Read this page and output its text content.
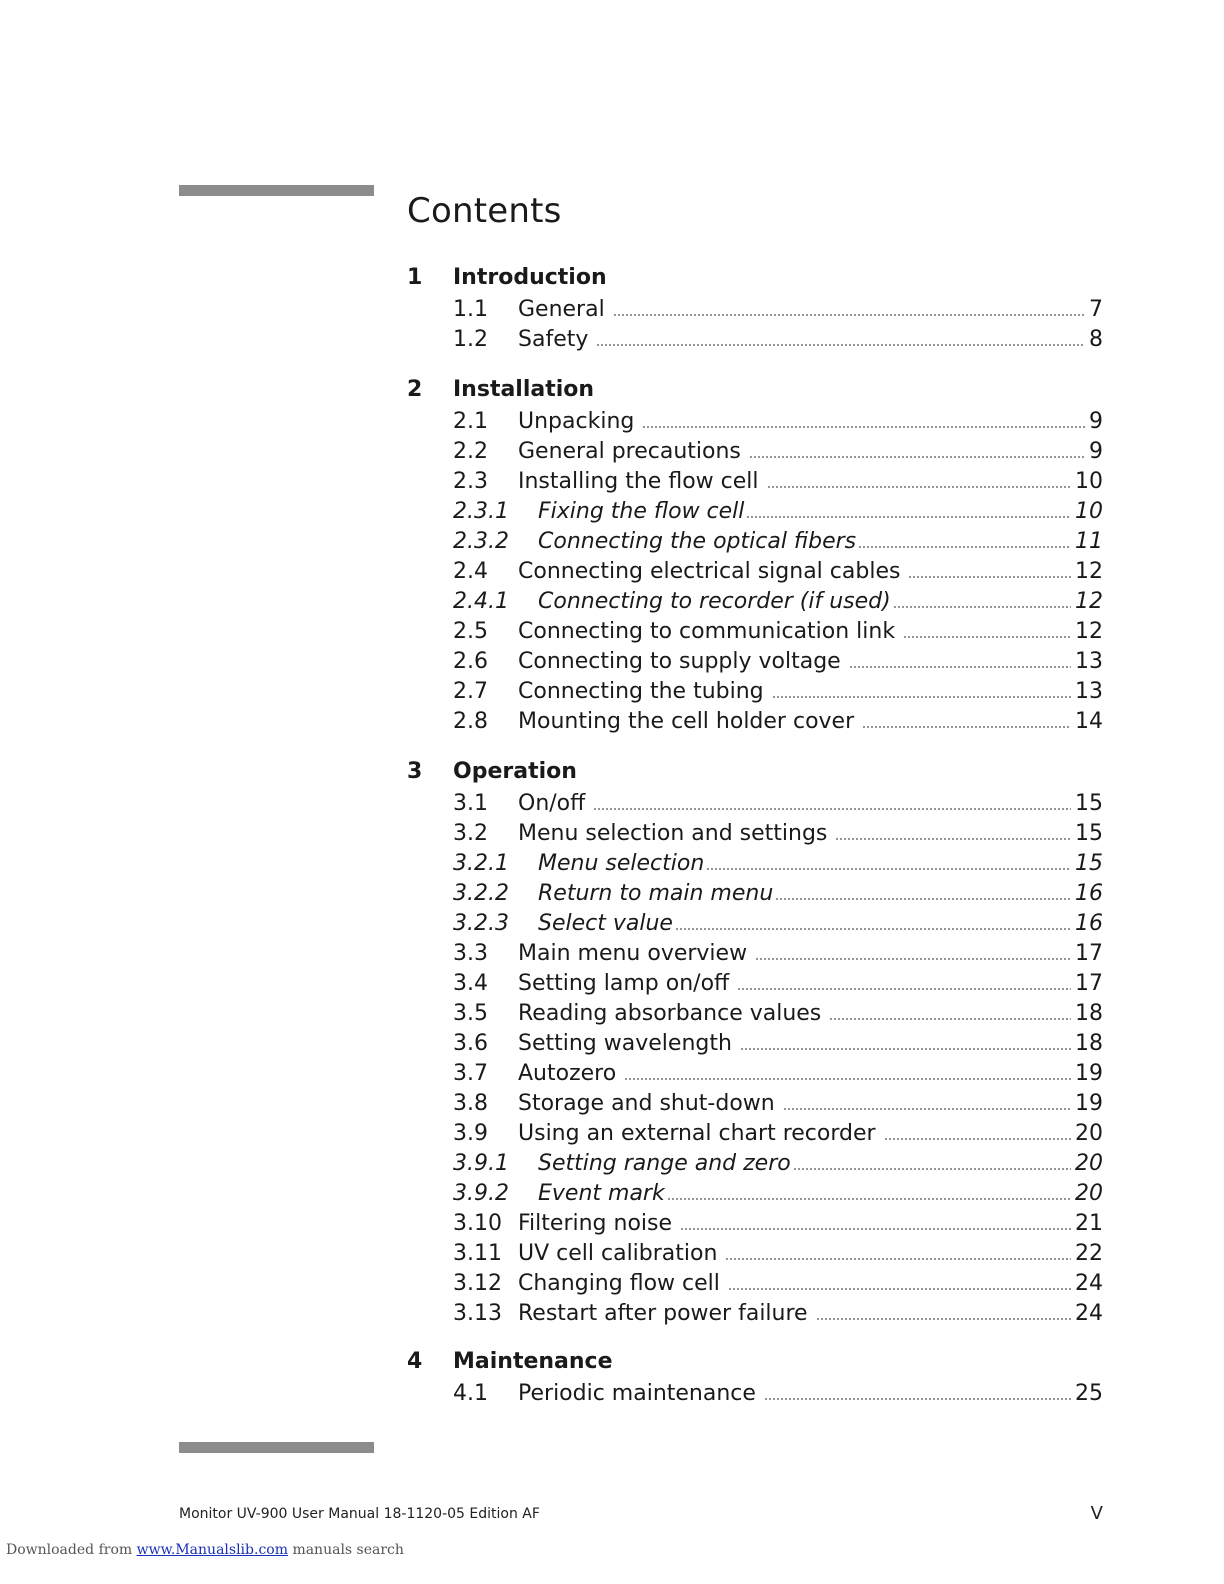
Contents
1 Introduction
1.1	General	7
1.2	Safety	8
2 Installation
2.1	Unpacking	9
2.2	General precautions	9
2.3	Installing the flow cell	10
2.3.1	Fixing the flow cell	10
2.3.2	Connecting the optical fibers	11
2.4	Connecting electrical signal cables	12
2.4.1	Connecting to recorder (if used)	12
2.5	Connecting to communication link	12
2.6	Connecting to supply voltage	13
2.7	Connecting the tubing	13
2.8	Mounting the cell holder cover	14
3 Operation
3.1	On/off	15
3.2	Menu selection and settings	15
3.2.1	Menu selection	15
3.2.2	Return to main menu	16
3.2.3	Select value	16
3.3	Main menu overview	17
3.4	Setting lamp on/off	17
3.5	Reading absorbance values	18
3.6	Setting wavelength	18
3.7	Autozero	19
3.8	Storage and shut-down	19
3.9	Using an external chart recorder	20
3.9.1	Setting range and zero	20
3.9.2	Event mark	20
3.10 Filtering noise	21
3.11 UV cell calibration	22
3.12 Changing flow cell	24
3.13 Restart after power failure	24
4 Maintenance
4.1	Periodic maintenance	25
Monitor UV-900 User Manual 18-1120-05 Edition AF	V
Downloaded from www.Manualslib.com manuals search
